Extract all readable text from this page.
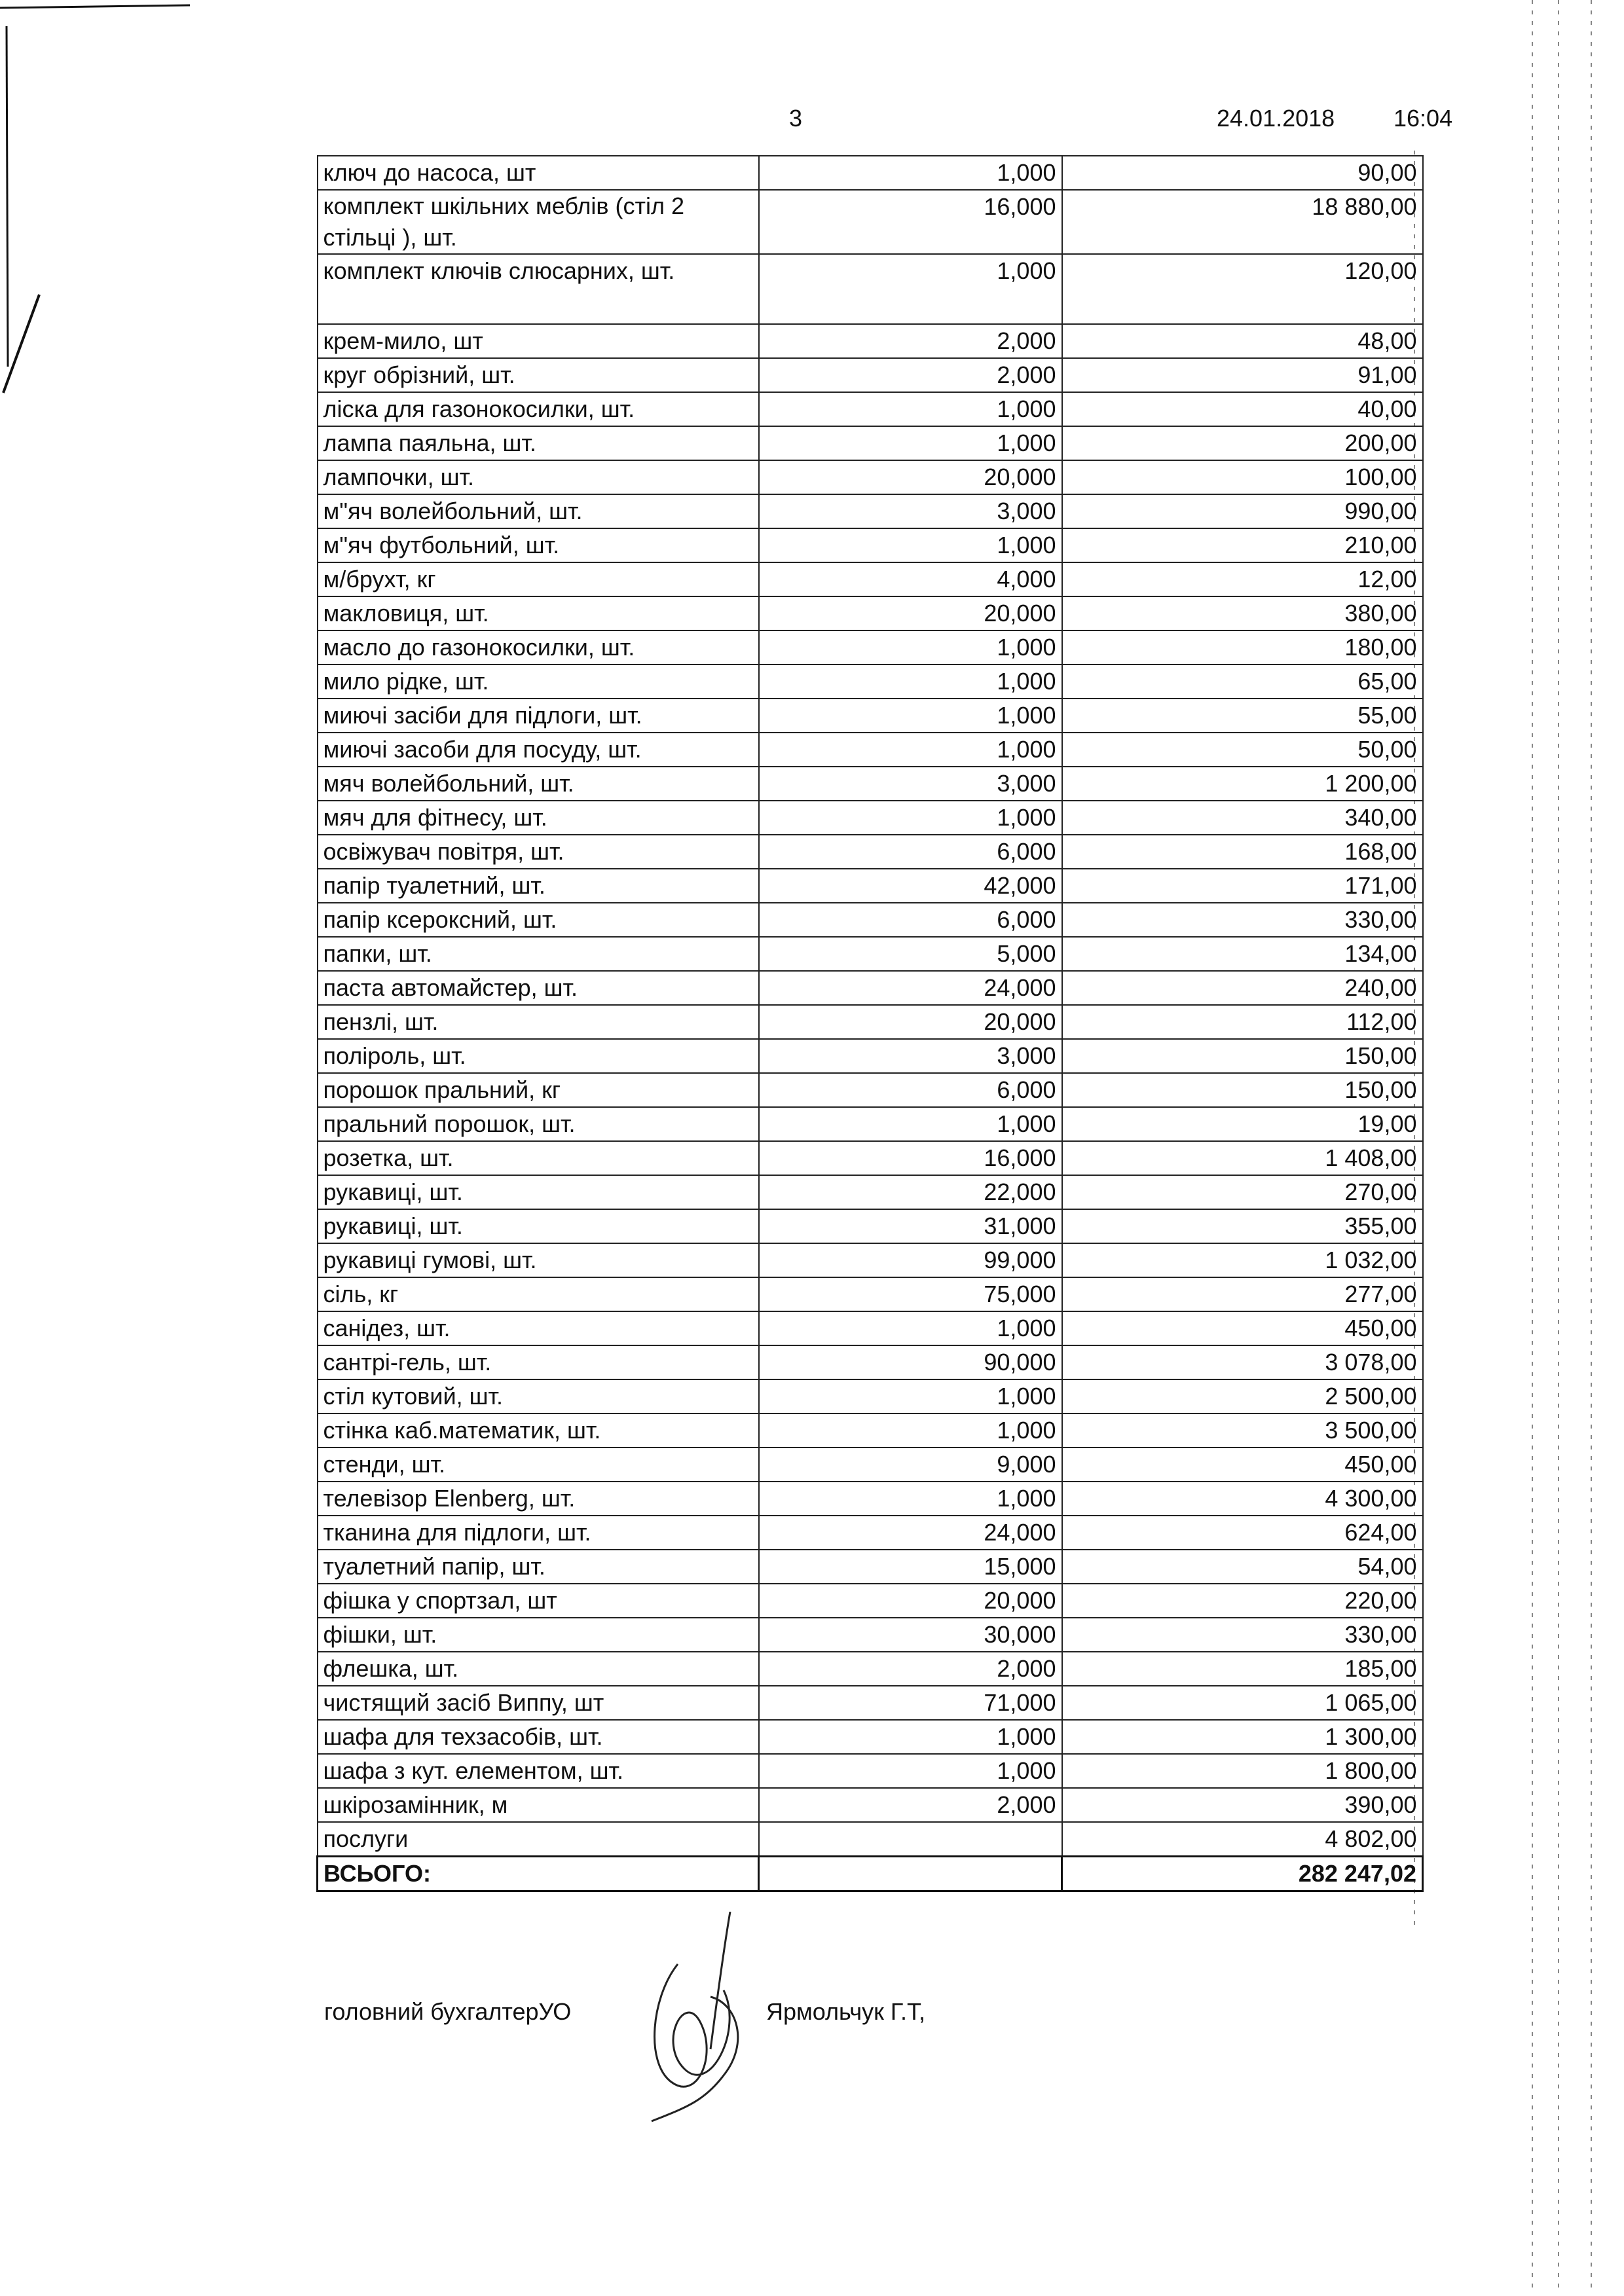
3	24.01.2018 16:04
ключ до насоса, шт	1,000	90,00
комплект шкільних меблів (стіл 2 стільці ), шт.	16,000	18 880,00
комплект ключів слюсарних, шт.	1,000	120,00
крем-мило, шт	2,000	48,00
круг обрізний, шт.	2,000	91,00
ліска для газонокосилки, шт.	1,000	40,00
лампа паяльна, шт.	1,000	200,00
лампочки, шт.	20,000	100,00
м"яч волейбольний, шт.	3,000	990,00
м"яч футбольний, шт.	1,000	210,00
м/брухт, кг	4,000	12,00
макловиця, шт.	20,000	380,00
масло до газонокосилки, шт.	1,000	180,00
мило рідке, шт.	1,000	65,00
миючі засіби для підлоги, шт.	1,000	55,00
миючі засоби для посуду, шт.	1,000	50,00
мяч волейбольний, шт.	3,000	1 200,00
мяч для фітнесу, шт.	1,000	340,00
освіжувач повітря, шт.	6,000	168,00
папір туалетний, шт.	42,000	171,00
папір ксероксний, шт.	6,000	330,00
папки, шт.	5,000	134,00
паста автомайстер, шт.	24,000	240,00
пензлі, шт.	20,000	112,00
поліроль, шт.	3,000	150,00
порошок пральний, кг	6,000	150,00
пральний порошок, шт.	1,000	19,00
розетка, шт.	16,000	1 408,00
рукавиці, шт.	22,000	270,00
рукавиці, шт.	31,000	355,00
рукавиці гумові, шт.	99,000	1 032,00
сіль, кг	75,000	277,00
санідез, шт.	1,000	450,00
сантрі-гель, шт.	90,000	3 078,00
стіл кутовий, шт.	1,000	2 500,00
стінка каб.математик, шт.	1,000	3 500,00
стенди, шт.	9,000	450,00
телевізор Elenberg, шт.	1,000	4 300,00
тканина для підлоги, шт.	24,000	624,00
туалетний папір, шт.	15,000	54,00
фішка у спортзал, шт	20,000	220,00
фішки, шт.	30,000	330,00
флешка, шт.	2,000	185,00
чистящий засіб Виппу, шт	71,000	1 065,00
шафа для техзасобів, шт.	1,000	1 300,00
шафа з кут. елементом, шт.	1,000	1 800,00
шкірозамінник, м	2,000	390,00
послуги		4 802,00
ВСЬОГО:		282 247,02
головний бухгалтерУО	Ярмольчук Г.Т,
